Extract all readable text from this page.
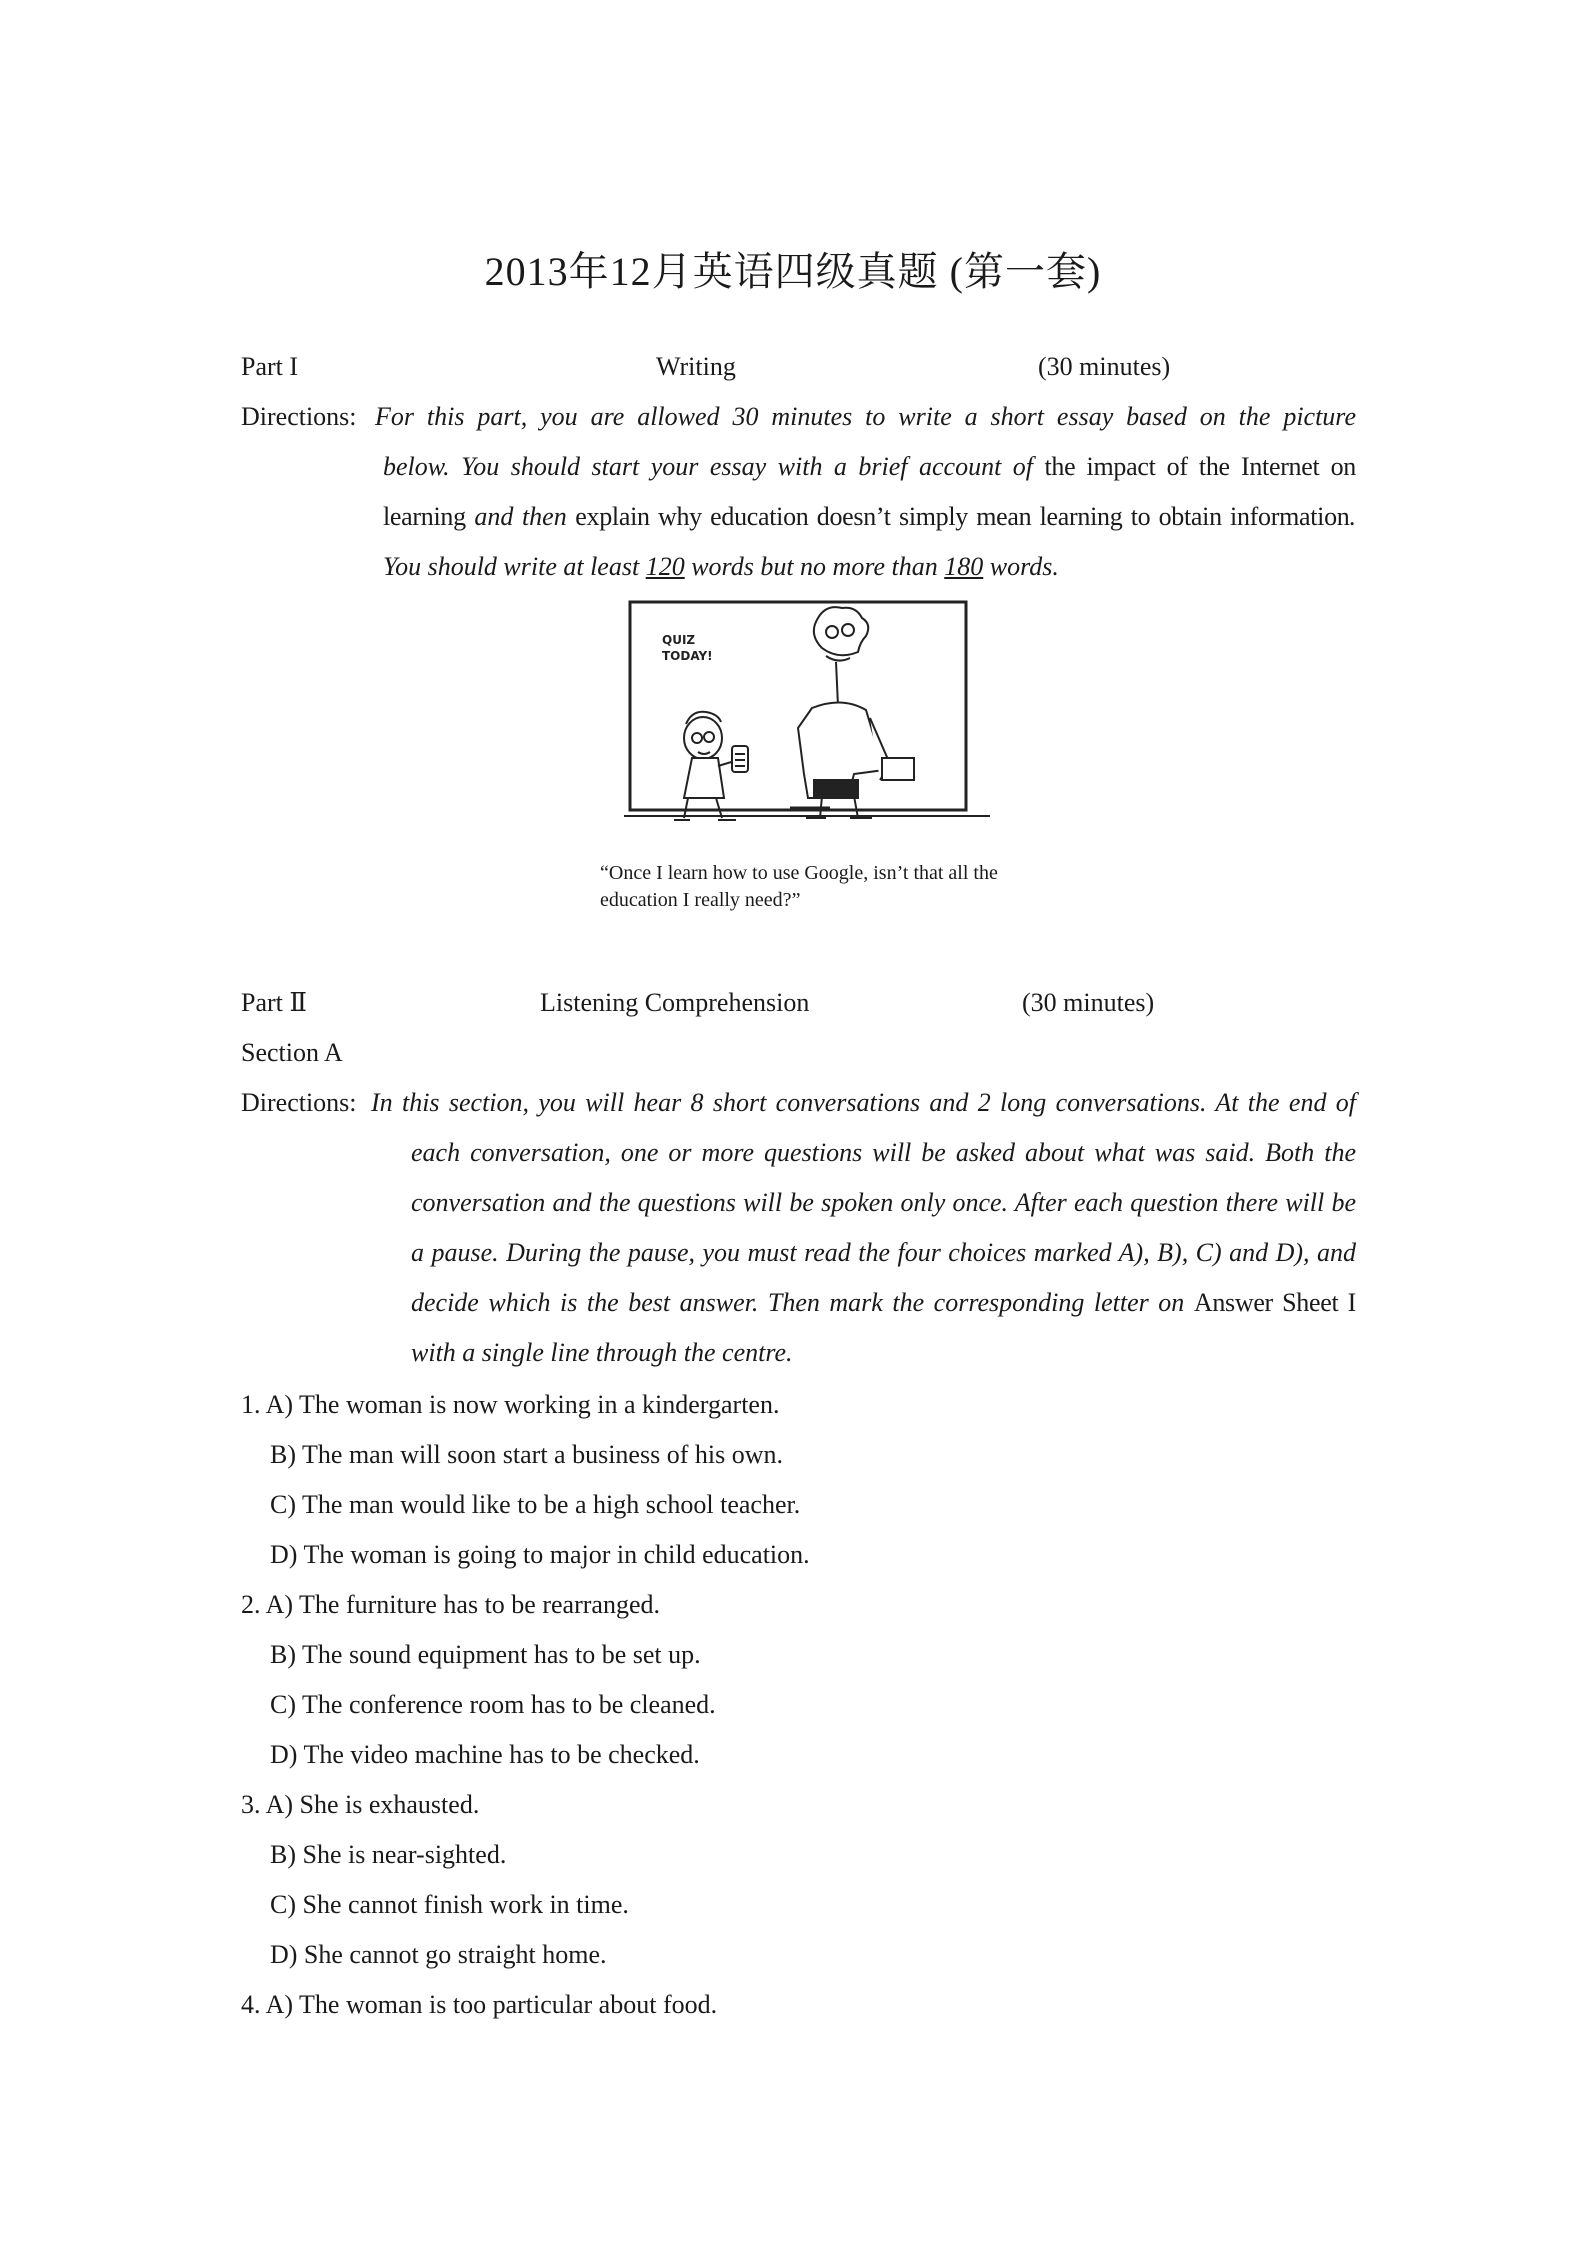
2013年12月英语四级真题 (第一套)
Part I	Writing	(30 minutes)
Directions: For this part, you are allowed 30 minutes to write a short essay based on the picture
below. You should start your essay with a brief account of the impact of the Internet on learning and then explain why education doesn’t simply mean learning to obtain information. You should write at least 120 words but no more than 180 words.
QUIZ
TODAY!
“Once I learn how to use Google, isn’t that all the education I really need?”
Part Ⅱ	Listening Comprehension	(30 minutes)
Section A
Directions: In this section, you will hear 8 short conversations and 2 long conversations. At the end of
each conversation, one or more questions will be asked about what was said. Both the conversation and the questions will be spoken only once. After each question there will be a pause. During the pause, you must read the four choices marked A), B), C) and D), and decide which is the best answer. Then mark the corresponding letter on Answer Sheet I with a single line through the centre.
1. A) The woman is now working in a kindergarten.
B) The man will soon start a business of his own.
C) The man would like to be a high school teacher.
D) The woman is going to major in child education.
2. A) The furniture has to be rearranged.
B) The sound equipment has to be set up.
C) The conference room has to be cleaned.
D) The video machine has to be checked.
3. A) She is exhausted.
B) She is near-sighted.
C) She cannot finish work in time.
D) She cannot go straight home.
4. A) The woman is too particular about food.
